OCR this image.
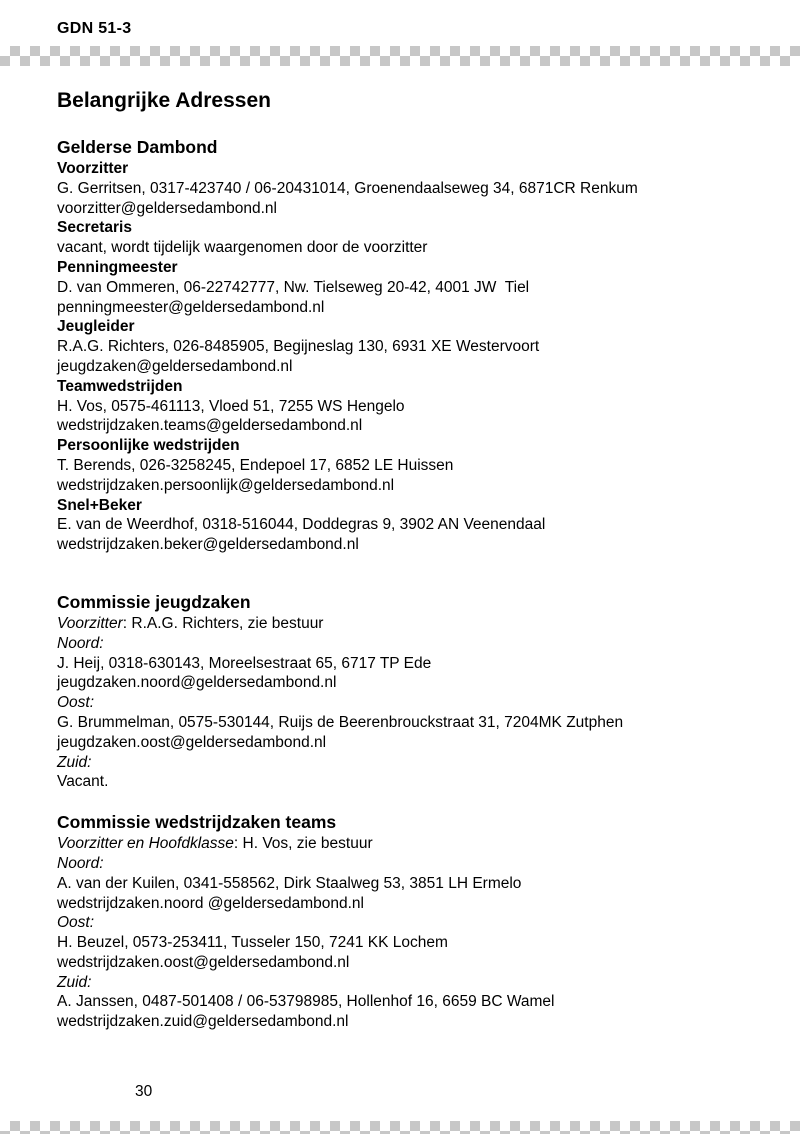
GDN 51-3
Belangrijke Adressen
Gelderse Dambond
Voorzitter
G. Gerritsen, 0317-423740 / 06-20431014, Groenendaalseweg 34, 6871CR Renkum
voorzitter@geldersedambond.nl
Secretaris
vacant, wordt tijdelijk waargenomen door de voorzitter
Penningmeester
D. van Ommeren, 06-22742777, Nw. Tielseweg 20-42, 4001 JW  Tiel
penningmeester@geldersedambond.nl
Jeugleider
R.A.G. Richters, 026-8485905, Begijneslag 130, 6931 XE Westervoort
jeugdzaken@geldersedambond.nl
Teamwedstrijden
H. Vos, 0575-461113, Vloed 51, 7255 WS Hengelo
wedstrijdzaken.teams@geldersedambond.nl
Persoonlijke wedstrijden
T. Berends, 026-3258245, Endepoel 17, 6852 LE Huissen
wedstrijdzaken.persoonlijk@geldersedambond.nl
Snel+Beker
E. van de Weerdhof, 0318-516044, Doddegras 9, 3902 AN Veenendaal
wedstrijdzaken.beker@geldersedambond.nl
Commissie jeugdzaken
Voorzitter: R.A.G. Richters, zie bestuur
Noord:
J. Heij, 0318-630143, Moreelsestraat 65, 6717 TP Ede
jeugdzaken.noord@geldersedambond.nl
Oost:
G. Brummelman, 0575-530144, Ruijs de Beerenbrouckstraat 31, 7204MK Zutphen
jeugdzaken.oost@geldersedambond.nl
Zuid:
Vacant.
Commissie wedstrijdzaken teams
Voorzitter en Hoofdklasse: H. Vos, zie bestuur
Noord:
A. van der Kuilen, 0341-558562, Dirk Staalweg 53, 3851 LH Ermelo
wedstrijdzaken.noord @geldersedambond.nl
Oost:
H. Beuzel, 0573-253411, Tusseler 150, 7241 KK Lochem
wedstrijdzaken.oost@geldersedambond.nl
Zuid:
A. Janssen, 0487-501408 / 06-53798985, Hollenhof 16, 6659 BC Wamel
wedstrijdzaken.zuid@geldersedambond.nl
30
